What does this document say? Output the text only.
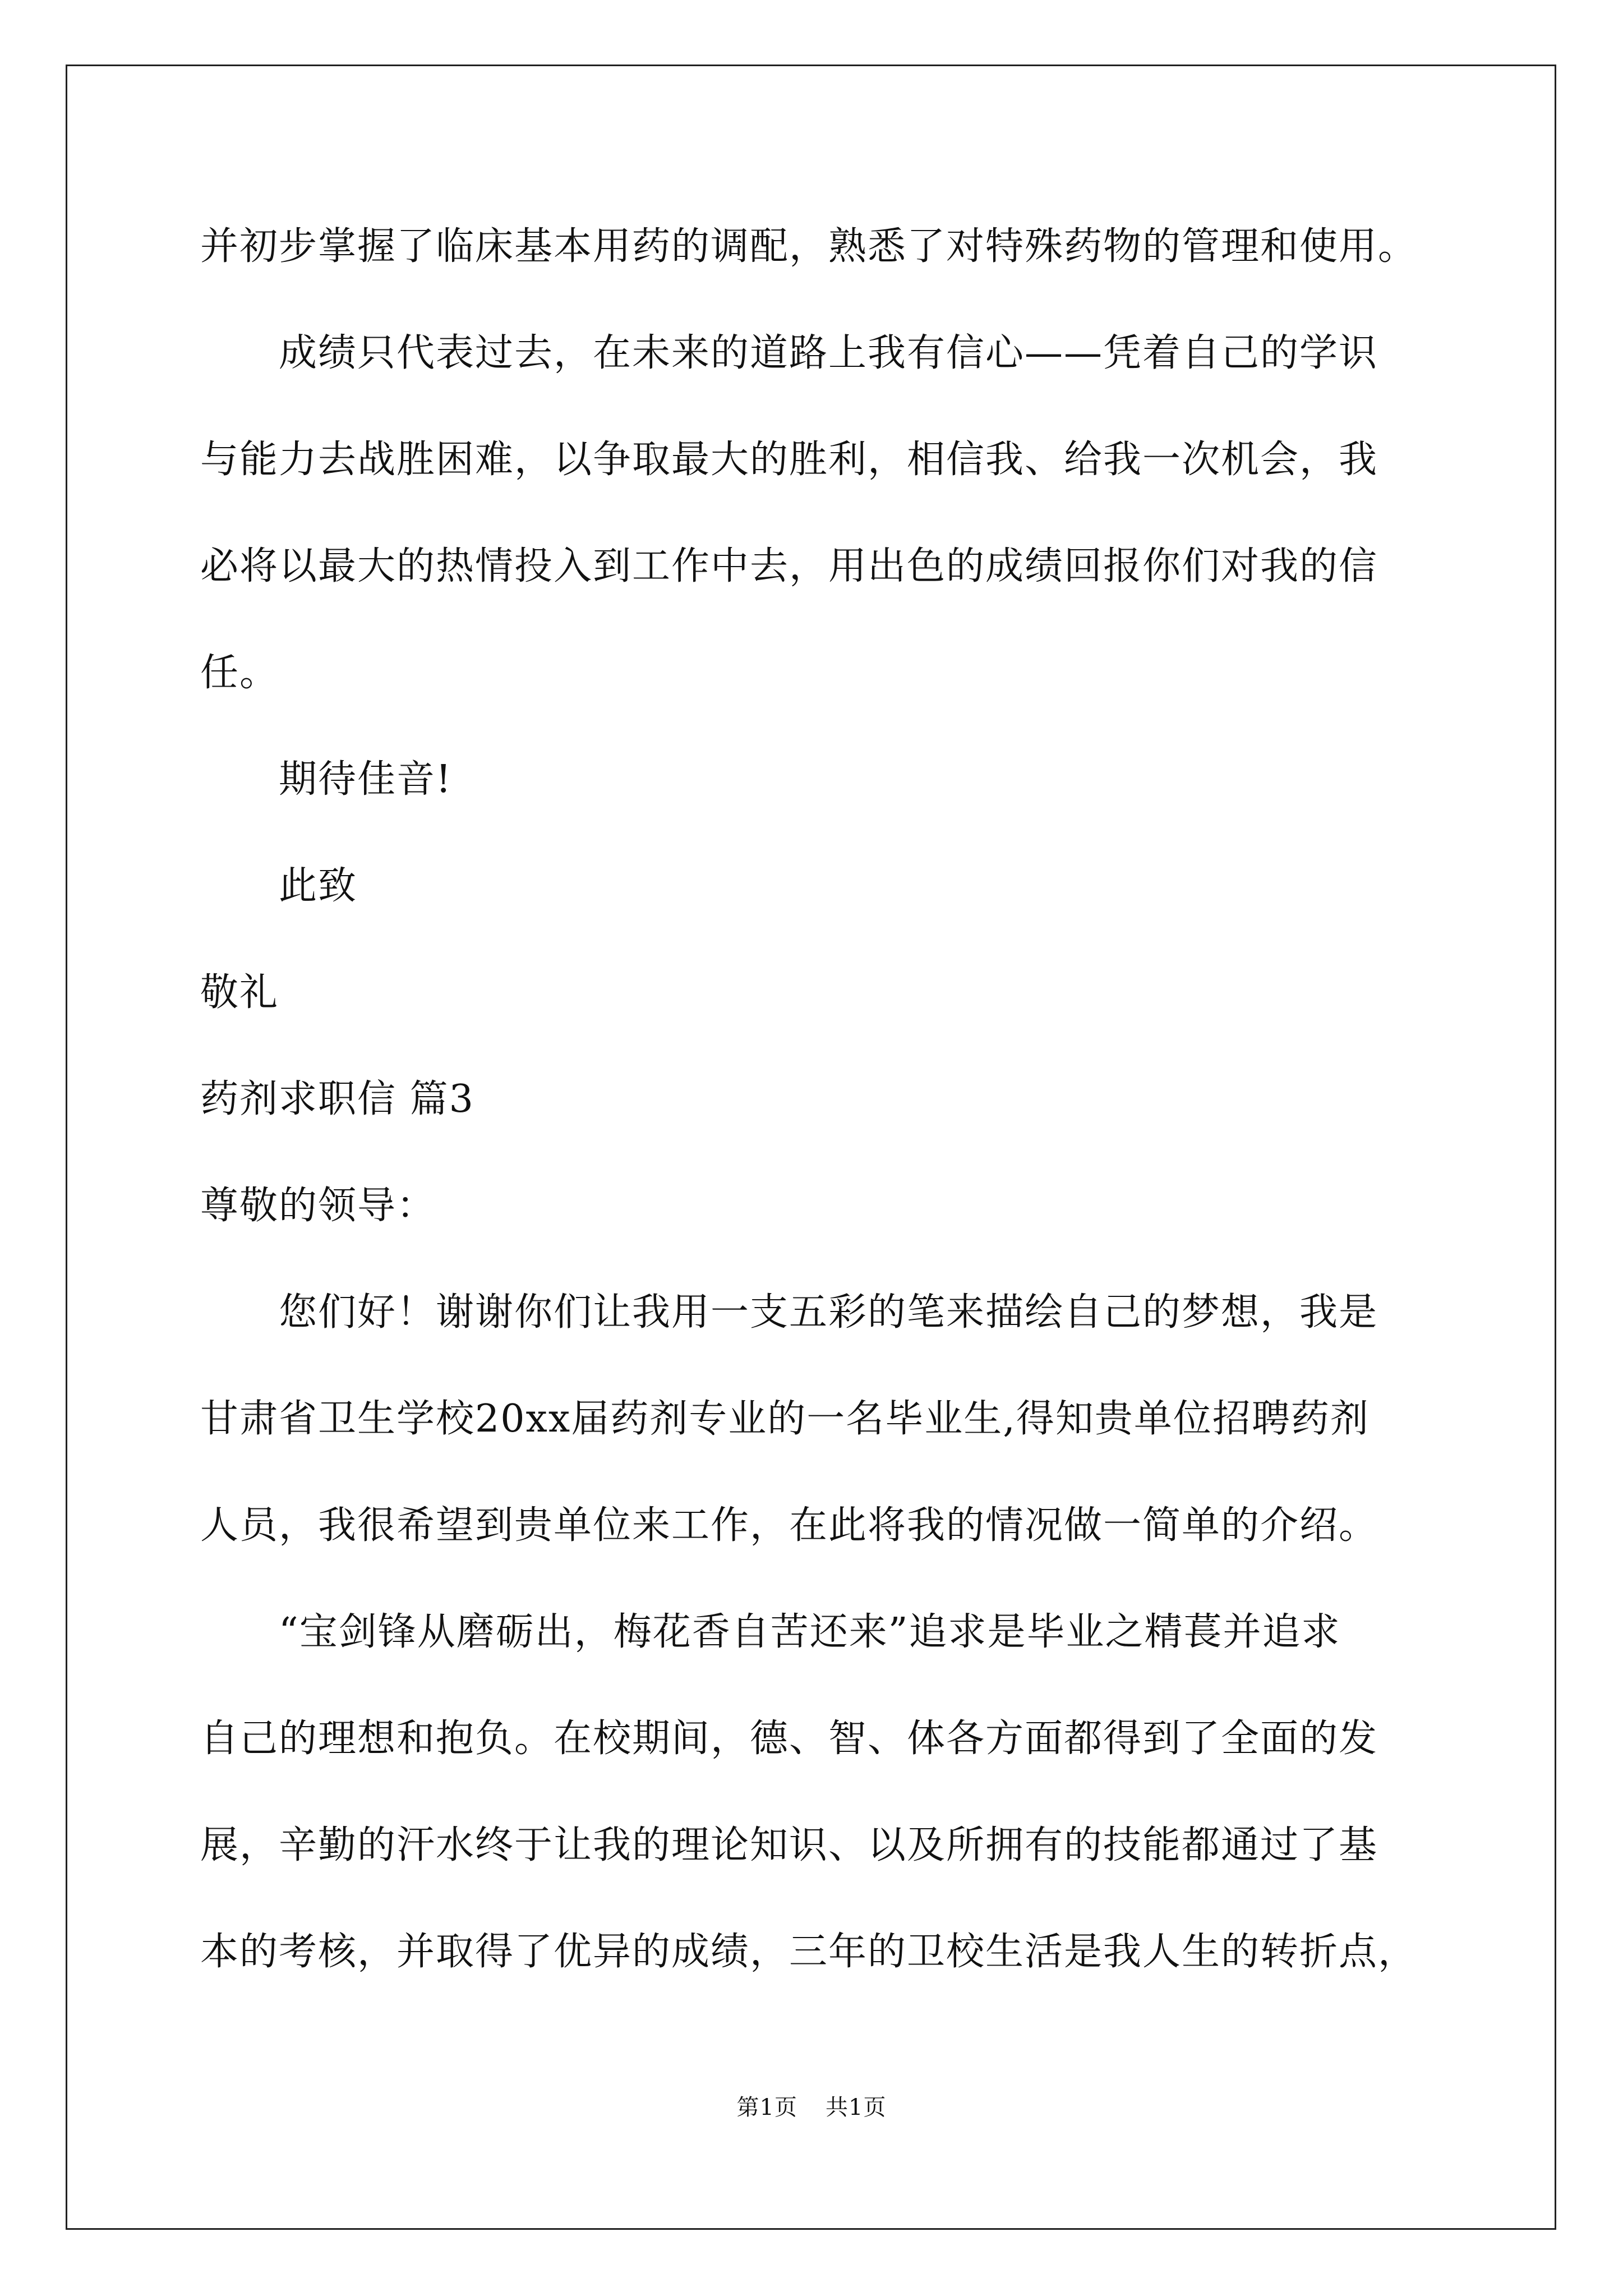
并初步掌握了临床基本用药的调配，熟悉了对特殊药物的管理和使用。

成绩只代表过去，在未来的道路上我有信心——凭着自己的学识

与能力去战胜困难，以争取最大的胜利，相信我、给我一次机会，我

必将以最大的热情投入到工作中去，用出色的成绩回报你们对我的信

任。

期待佳音!

此致

敬礼

药剂求职信 篇3

尊敬的领导：

您们好！谢谢你们让我用一支五彩的笔来描绘自己的梦想，我是

甘肃省卫生学校20xx届药剂专业的一名毕业生,得知贵单位招聘药剂

人员，我很希望到贵单位来工作，在此将我的情况做一简单的介绍。

“宝剑锋从磨砺出，梅花香自苦还来”追求是毕业之精萇并追求

自己的理想和抱负。在校期间，德、智、体各方面都得到了全面的发

展，辛勤的汗水终于让我的理论知识、以及所拥有的技能都通过了基

本的考核，并取得了优异的成绩，三年的卫校生活是我人生的转折点，

第1页 共1页
